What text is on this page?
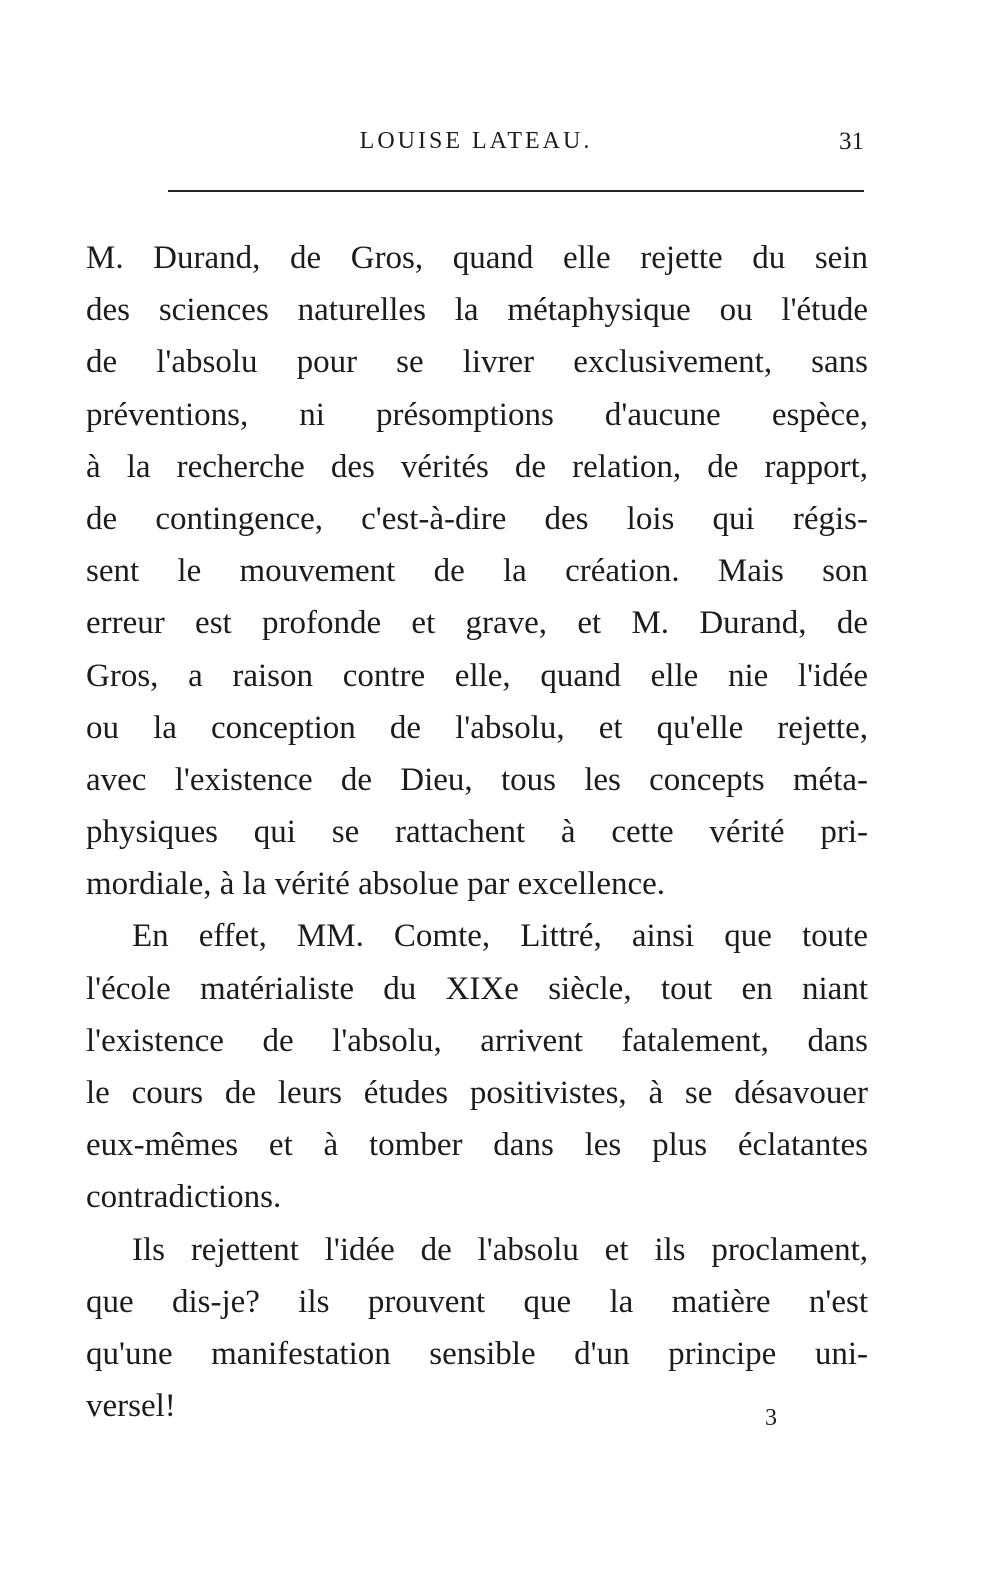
LOUISE LATEAU.	31
M. Durand, de Gros, quand elle rejette du sein
des sciences naturelles la métaphysique ou l'étude
de l'absolu pour se livrer exclusivement, sans
préventions, ni présomptions d'aucune espèce,
à la recherche des vérités de relation, de rapport,
de contingence, c'est-à-dire des lois qui régis-
sent le mouvement de la création. Mais son
erreur est profonde et grave, et M. Durand, de
Gros, a raison contre elle, quand elle nie l'idée
ou la conception de l'absolu, et qu'elle rejette,
avec l'existence de Dieu, tous les concepts méta-
physiques qui se rattachent à cette vérité pri-
mordiale, à la vérité absolue par excellence.
En effet, MM. Comte, Littré, ainsi que toute
l'école matérialiste du XIXe siècle, tout en niant
l'existence de l'absolu, arrivent fatalement, dans
le cours de leurs études positivistes, à se désavouer
eux-mêmes et à tomber dans les plus éclatantes
contradictions.
Ils rejettent l'idée de l'absolu et ils proclament,
que dis-je? ils prouvent que la matière n'est
qu'une manifestation sensible d'un principe uni-
versel!	3
